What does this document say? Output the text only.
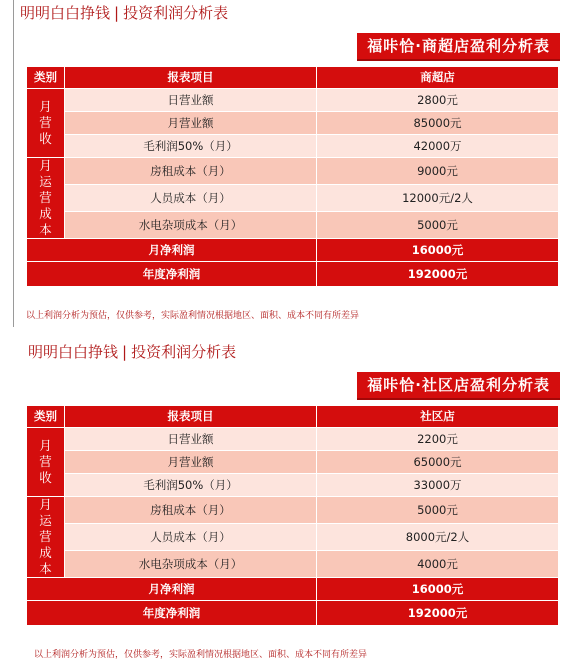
明明白白挣钱 | 投资利润分析表
福咔恰·商超店盈利分析表
类别	报表项目	商超店
月营收	日营业额	2800元
	月营业额	85000元
	毛利润50%（月）	42000万
月运营成本	房租成本（月）	9000元
	人员成本（月）	12000元/2人
	水电杂项成本（月）	5000元
月净利润		16000元
年度净利润		192000元
以上利润分析为预估，仅供参考，实际盈利情况根据地区、面积、成本不同有所差异
明明白白挣钱 | 投资利润分析表
福咔恰·社区店盈利分析表
类别	报表项目	社区店
月营收	日营业额	2200元
	月营业额	65000元
	毛利润50%（月）	33000万
月运营成本	房租成本（月）	5000元
	人员成本（月）	8000元/2人
	水电杂项成本（月）	4000元
月净利润		16000元
年度净利润		192000元
以上利润分析为预估，仅供参考，实际盈利情况根据地区、面积、成本不同有所差异
